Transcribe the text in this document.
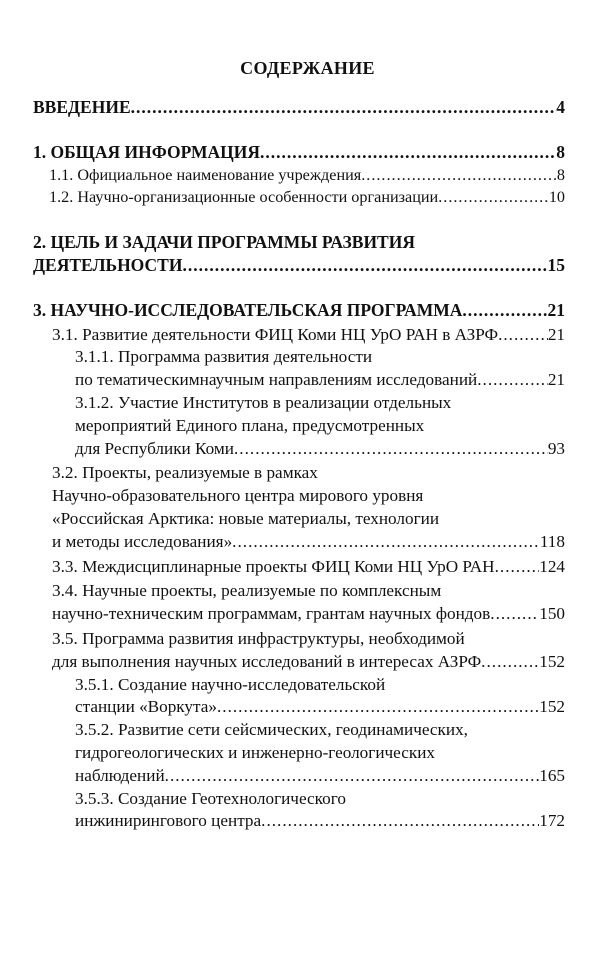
СОДЕРЖАНИЕ
ВВЕДЕНИЕ .....	4
1. ОБЩАЯ ИНФОРМАЦИЯ .....	8
1.1. Официальное наименование учреждения .....	8
1.2. Научно-организационные особенности организации .....	10
2. ЦЕЛЬ И ЗАДАЧИ ПРОГРАММЫ РАЗВИТИЯ
ДЕЯТЕЛЬНОСТИ .....	15
3. НАУЧНО-ИССЛЕДОВАТЕЛЬСКАЯ ПРОГРАММА .....	21
3.1. Развитие деятельности ФИЦ Коми НЦ УрО РАН в АЗРФ .....	21
3.1.1. Программа развития деятельности
по тематическимнаучным направлениям исследований .....	21
3.1.2. Участие Институтов в реализации отдельных
мероприятий Единого плана, предусмотренных
для Республики Коми .....	93
3.2. Проекты, реализуемые в рамках
Научно-образовательного центра мирового уровня
«Российская Арктика: новые материалы, технологии
и методы исследования» .....	118
3.3. Междисциплинарные проекты ФИЦ Коми НЦ УрО РАН .....	124
3.4. Научные проекты, реализуемые по комплексным
научно-техническим программам, грантам научных фондов .....	150
3.5. Программа развития инфраструктуры, необходимой
для выполнения научных исследований в интересах АЗРФ .....	152
3.5.1. Создание научно-исследовательской
станции «Воркута» .....	152
3.5.2. Развитие сети сейсмических, геодинамических,
гидрогеологических и инженерно-геологических
наблюдений .....	165
3.5.3. Создание Геотехнологического
инжинирингового центра .....	172
